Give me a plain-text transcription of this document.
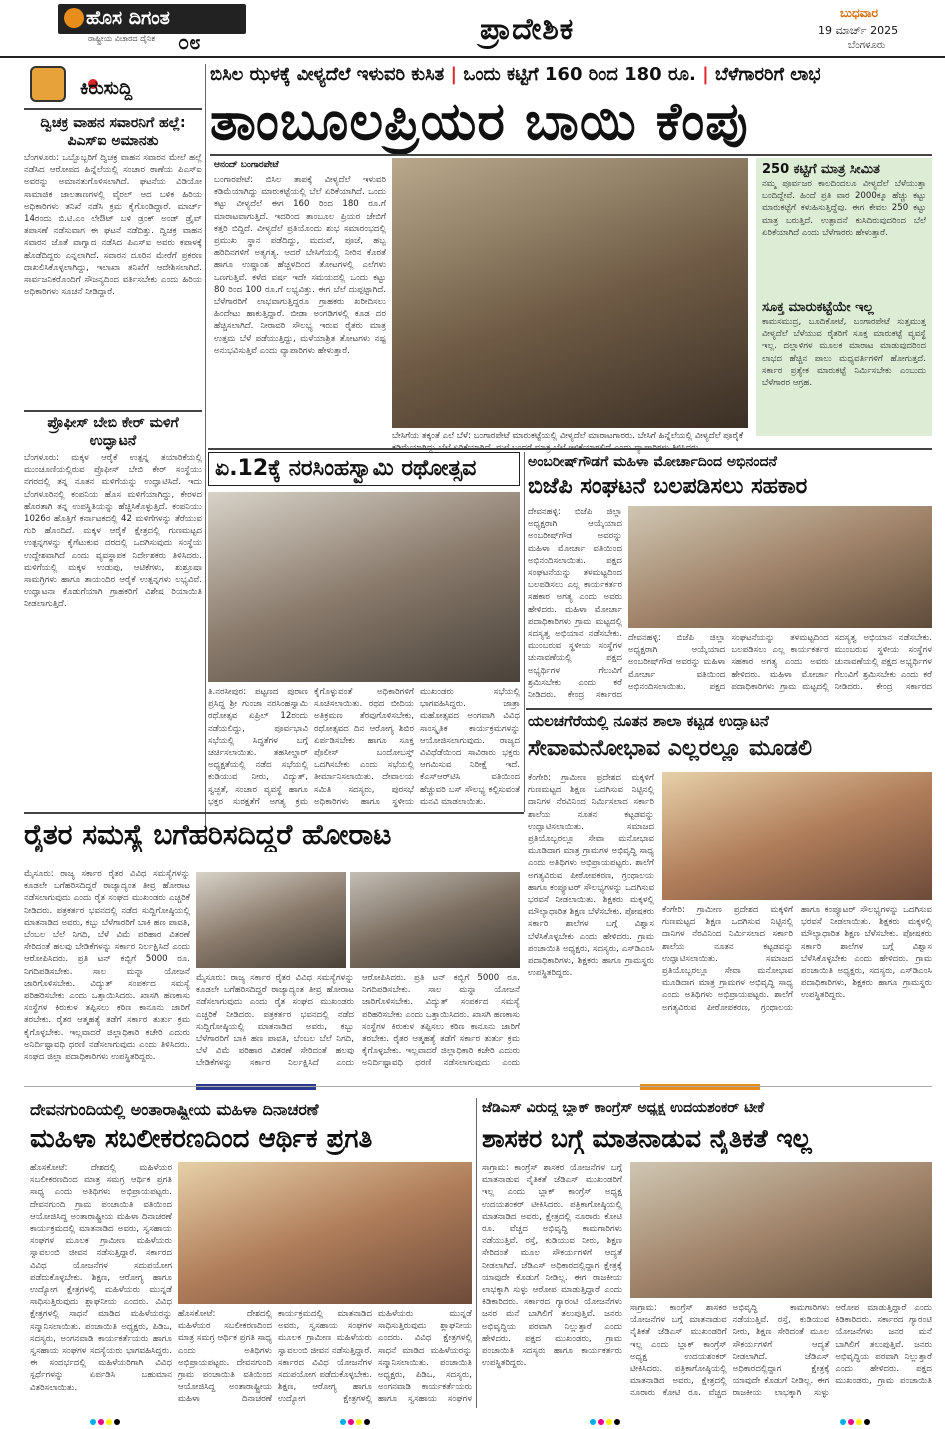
ಹೊಸ ದಿಗಂತ
ರಾಷ್ಟ್ರೀಯ ವಿಚಾರದ ದೈನಿಕ	೦೮	ಪ್ರಾದೇಶಿಕ	ಬುಧವಾರ
19 ಮಾರ್ಚ್ 2025
ಬೆಂಗಳೂರು
ಕಿರುಸುದ್ದಿ
ದ್ವಿಚಕ್ರ ವಾಹನ ಸವಾರನಿಗೆ ಹಲ್ಲೆ: ಪಿಎಸ್‌ಐ ಅಮಾನತು
ಬೆಂಗಳೂರು: ಒಬ್ಬೊಬ್ಬರಿಗೆ ದ್ವಿಚಕ್ರ ವಾಹನ ಸವಾರನ ಮೇಲೆ ಹಲ್ಲೆ ನಡೆಸಿದ ಆರೋಪದ ಹಿನ್ನೆಲೆಯಲ್ಲಿ ಸಂಚಾರ ಠಾಣೆಯ ಪಿಎಸ್‌ಐ ಅವರನ್ನು ಅಮಾನತುಗೊಳಿಸಲಾಗಿದೆ. ಘಟನೆಯ ವಿಡಿಯೋ ಸಾಮಾಜಿಕ ಜಾಲತಾಣಗಳಲ್ಲಿ ವೈರಲ್ ಆದ ಬಳಿಕ ಹಿರಿಯ ಅಧಿಕಾರಿಗಳು ತನಿಖೆ ನಡೆಸಿ ಕ್ರಮ ಕೈಗೊಂಡಿದ್ದಾರೆ. ಮಾರ್ಚ್ 14ರಂದು ಬಿ.ಟಿ.ಎಂ ಲೇಔಟ್ ಬಳಿ ಡ್ರಂಕ್ ಅಂಡ್ ಡ್ರೈವ್ ತಪಾಸಣೆ ನಡೆಸುವಾಗ ಈ ಘಟನೆ ನಡೆದಿತ್ತು. ದ್ವಿಚಕ್ರ ವಾಹನ ಸವಾರನ ಜೊತೆ ವಾಗ್ವಾದ ನಡೆಸಿದ ಪಿಎಸ್‌ಐ ಅವರು ಕಪಾಳಕ್ಕೆ ಹೊಡೆದಿದ್ದರು ಎನ್ನಲಾಗಿದೆ. ಸವಾರನ ದೂರಿನ ಮೇರೆಗೆ ಪ್ರಕರಣ ದಾಖಲಿಸಿಕೊಳ್ಳಲಾಗಿದ್ದು, ಇಲಾಖಾ ತನಿಖೆಗೆ ಆದೇಶಿಸಲಾಗಿದೆ. ಸಾರ್ವಜನಿಕರೊಂದಿಗೆ ಸೌಜನ್ಯದಿಂದ ವರ್ತಿಸಬೇಕು ಎಂದು ಹಿರಿಯ ಅಧಿಕಾರಿಗಳು ಸೂಚನೆ ನೀಡಿದ್ದಾರೆ.
ಪ್ರೊಫೀಸ್ ಬೇಬಿ ಕೇರ್ ಮಳಿಗೆ ಉದ್ಘಾಟನೆ
ಬೆಂಗಳೂರು: ಮಕ್ಕಳ ಆರೈಕೆ ಉತ್ಪನ್ನ ತಯಾರಿಕೆಯಲ್ಲಿ ಮುಂಚೂಣಿಯಲ್ಲಿರುವ ಪ್ರೊಫೀಸ್ ಬೇಬಿ ಕೇರ್ ಸಂಸ್ಥೆಯು ನಗರದಲ್ಲಿ ತನ್ನ ನೂತನ ಮಳಿಗೆಯನ್ನು ಉದ್ಘಾಟಿಸಿದೆ. ಇದು ಬೆಂಗಳೂರಿನಲ್ಲಿ ಕಂಪನಿಯ ಹೊಸ ಮಳಿಗೆಯಾಗಿದ್ದು, ಕೇರಳದ ಹೊರತಾಗಿ ತನ್ನ ಉಪಸ್ಥಿತಿಯನ್ನು ಹೆಚ್ಚಿಸಿಕೊಳ್ಳುತ್ತಿದೆ. ಕಂಪನಿಯು 1026ರ ಹೊತ್ತಿಗೆ ಕರ್ನಾಟಕದಲ್ಲಿ 42 ಮಳಿಗೆಗಳನ್ನು ತೆರೆಯುವ ಗುರಿ ಹೊಂದಿದೆ. ಮಕ್ಕಳ ಆರೈಕೆ ಕ್ಷೇತ್ರದಲ್ಲಿ ಗುಣಮಟ್ಟದ ಉತ್ಪನ್ನಗಳನ್ನು ಕೈಗೆಟುಕುವ ದರದಲ್ಲಿ ಒದಗಿಸುವುದು ಸಂಸ್ಥೆಯ ಉದ್ದೇಶವಾಗಿದೆ ಎಂದು ವ್ಯವಸ್ಥಾಪಕ ನಿರ್ದೇಶಕರು ತಿಳಿಸಿದರು. ಮಳಿಗೆಯಲ್ಲಿ ಮಕ್ಕಳ ಉಡುಪು, ಆಟಿಕೆಗಳು, ಶುಶ್ರೂಷಾ ಸಾಮಗ್ರಿಗಳು ಹಾಗೂ ತಾಯಂದಿರ ಆರೈಕೆ ಉತ್ಪನ್ನಗಳು ಲಭ್ಯವಿವೆ. ಉದ್ಘಾಟನಾ ಕೊಡುಗೆಯಾಗಿ ಗ್ರಾಹಕರಿಗೆ ವಿಶೇಷ ರಿಯಾಯಿತಿ ನೀಡಲಾಗುತ್ತಿದೆ.
ಬಿಸಿಲ ಝಳಕ್ಕೆ ವೀಳ್ಯದೆಲೆ ಇಳುವರಿ ಕುಸಿತ | ಒಂದು ಕಟ್ಟಿಗೆ 160 ರಿಂದ 180 ರೂ. | ಬೆಳೆಗಾರರಿಗೆ ಲಾಭ
ತಾಂಬೂಲಪ್ರಿಯರ ಬಾಯಿ ಕೆಂಪು
ಆನಂದ್ ಬಂಗಾರಪೇಟೆ
ಬಂಗಾರಪೇಟೆ: ಬಿಸಿಲ ತಾಪಕ್ಕೆ ವೀಳ್ಯದೆಲೆ ಇಳುವರಿ ಕಡಿಮೆಯಾಗಿದ್ದು ಮಾರುಕಟ್ಟೆಯಲ್ಲಿ ಬೆಲೆ ಏರಿಕೆಯಾಗಿದೆ. ಒಂದು ಕಟ್ಟು ವೀಳ್ಯದೆಲೆ ಈಗ 160 ರಿಂದ 180 ರೂ.ಗೆ ಮಾರಾಟವಾಗುತ್ತಿದೆ. ಇದರಿಂದ ತಾಂಬೂಲ ಪ್ರಿಯರ ಜೇಬಿಗೆ ಕತ್ತರಿ ಬಿದ್ದಿದೆ. ವೀಳ್ಯದೆಲೆ ಪ್ರತಿಯೊಂದು ಶುಭ ಸಮಾರಂಭದಲ್ಲಿ ಪ್ರಮುಖ ಸ್ಥಾನ ಪಡೆದಿದ್ದು, ಮದುವೆ, ಪೂಜೆ, ಹಬ್ಬ ಹರಿದಿನಗಳಿಗೆ ಅತ್ಯಗತ್ಯ. ಆದರೆ ಬೇಸಿಗೆಯಲ್ಲಿ ನೀರಿನ ಕೊರತೆ ಹಾಗೂ ಉಷ್ಣಾಂಶ ಹೆಚ್ಚಳದಿಂದ ತೋಟಗಳಲ್ಲಿ ಎಲೆಗಳು ಒಣಗುತ್ತಿವೆ. ಕಳೆದ ವರ್ಷ ಇದೇ ಸಮಯದಲ್ಲಿ ಒಂದು ಕಟ್ಟು 80 ರಿಂದ 100 ರೂ.ಗೆ ಲಭ್ಯವಿತ್ತು. ಈಗ ಬೆಲೆ ದುಪ್ಪಟ್ಟಾಗಿದೆ. ಬೆಳೆಗಾರರಿಗೆ ಲಾಭವಾಗುತ್ತಿದ್ದರೂ ಗ್ರಾಹಕರು ಖರೀದಿಸಲು ಹಿಂದೇಟು ಹಾಕುತ್ತಿದ್ದಾರೆ. ಬೀಡಾ ಅಂಗಡಿಗಳಲ್ಲಿ ಕೂಡ ದರ ಹೆಚ್ಚಿಸಲಾಗಿದೆ. ನೀರಾವರಿ ಸೌಲಭ್ಯ ಇರುವ ರೈತರು ಮಾತ್ರ ಉತ್ತಮ ಬೆಳೆ ಪಡೆಯುತ್ತಿದ್ದು, ಮಳೆಯಾಶ್ರಿತ ತೋಟಗಳು ನಷ್ಟ ಅನುಭವಿಸುತ್ತಿವೆ ಎಂದು ವ್ಯಾಪಾರಿಗಳು ಹೇಳುತ್ತಾರೆ.
ಬೇಸಿಗೆಯ ತಕ್ಕಂತೆ ಎಲೆ ಬೆಳೆ: ಬಂಗಾರಪೇಟೆ ಮಾರುಕಟ್ಟೆಯಲ್ಲಿ ವೀಳ್ಯದೆಲೆ ಮಾರಾಟಗಾರರು. ಬೇಸಿಗೆ ಹಿನ್ನೆಲೆಯಲ್ಲಿ ವೀಳ್ಯದೆಲೆ ಪೂರೈಕೆ
250 ಕಟ್ಟಿಗೆ ಮಾತ್ರ ಸೀಮಿತ

ನಮ್ಮ ಪೂರ್ವಜರ ಕಾಲದಿಂದಲೂ ವೀಳ್ಯದೆಲೆ ಬೆಳೆಯುತ್ತಾ ಬಂದಿದ್ದೇವೆ. ಹಿಂದೆ ಪ್ರತಿ ವಾರ 2000ಕ್ಕೂ ಹೆಚ್ಚು ಕಟ್ಟು ಮಾರುಕಟ್ಟೆಗೆ ಕಳುಹಿಸುತ್ತಿದ್ದೆವು. ಈಗ ಕೇವಲ 250 ಕಟ್ಟು ಮಾತ್ರ ಬರುತ್ತಿದೆ. ಉತ್ಪಾದನೆ ಕುಸಿದಿರುವುದರಿಂದ ಬೆಲೆ ಏರಿಕೆಯಾಗಿದೆ ಎಂದು ಬೆಳೆಗಾರರು ಹೇಳುತ್ತಾರೆ.

ಸೂಕ್ತ ಮಾರುಕಟ್ಟೆಯೇ ಇಲ್ಲ

ಕಾಮಸಮುದ್ರ, ಬೂದಿಕೋಟೆ, ಬಂಗಾರಪೇಟೆ ಸುತ್ತಮುತ್ತ ವೀಳ್ಯದೆಲೆ ಬೆಳೆಯುವ ರೈತರಿಗೆ ಸೂಕ್ತ ಮಾರುಕಟ್ಟೆ ವ್ಯವಸ್ಥೆ ಇಲ್ಲ. ದಲ್ಲಾಳಿಗಳ ಮೂಲಕ ಮಾರಾಟ ಮಾಡುವುದರಿಂದ ಲಾಭದ ಹೆಚ್ಚಿನ ಪಾಲು ಮಧ್ಯವರ್ತಿಗಳಿಗೆ ಹೋಗುತ್ತದೆ. ಸರ್ಕಾರ ಪ್ರತ್ಯೇಕ ಮಾರುಕಟ್ಟೆ ನಿರ್ಮಿಸಬೇಕು ಎಂಬುದು ಬೆಳೆಗಾರರ ಆಗ್ರಹ.

ಏ.12ಕ್ಕೆ ನರಸಿಂಹಸ್ವಾಮಿ ರಥೋತ್ಸವ
ತಿ.ನರಸೀಪುರ: ಪಟ್ಟಣದ ಪುರಾಣ ಪ್ರಸಿದ್ಧ ಶ್ರೀ ಗುಂಜಾ ನರಸಿಂಹಸ್ವಾಮಿ ರಥೋತ್ಸವ ಏಪ್ರಿಲ್ 12ರಂದು ನಡೆಯಲಿದ್ದು, ಪೂರ್ವಭಾವಿ ಸಭೆಯಲ್ಲಿ ಸಿದ್ಧತೆಗಳ ಬಗ್ಗೆ ಚರ್ಚಿಸಲಾಯಿತು. ತಹಸೀಲ್ದಾರ್ ಅಧ್ಯಕ್ಷತೆಯಲ್ಲಿ ನಡೆದ ಸಭೆಯಲ್ಲಿ ಕುಡಿಯುವ ನೀರು, ವಿದ್ಯುತ್, ಸ್ವಚ್ಛತೆ, ಸಂಚಾರ ವ್ಯವಸ್ಥೆ ಹಾಗೂ ಭಕ್ತರ ಸುರಕ್ಷತೆಗೆ ಅಗತ್ಯ ಕ್ರಮ ಕೈಗೊಳ್ಳುವಂತೆ ಅಧಿಕಾರಿಗಳಿಗೆ ಸೂಚಿಸಲಾಯಿತು. ರಥದ ಬೀದಿಯ ಅತಿಕ್ರಮಣ ತೆರವುಗೊಳಿಸಬೇಕು, ರಥೋತ್ಸವದ ದಿನ ಆರೋಗ್ಯ ಶಿಬಿರ ಏರ್ಪಡಿಸಬೇಕು ಹಾಗೂ ಸೂಕ್ತ ಪೊಲೀಸ್ ಬಂದೋಬಸ್ತ್ ಒದಗಿಸಬೇಕು ಎಂದು ಸಭೆಯಲ್ಲಿ ತೀರ್ಮಾನಿಸಲಾಯಿತು. ದೇವಾಲಯ ಸಮಿತಿ ಸದಸ್ಯರು, ಪುರಸಭೆ ಅಧಿಕಾರಿಗಳು ಹಾಗೂ ಸ್ಥಳೀಯ ಮುಖಂಡರು ಸಭೆಯಲ್ಲಿ ಭಾಗವಹಿಸಿದ್ದರು. ಜಾತ್ರಾ ಮಹೋತ್ಸವದ ಅಂಗವಾಗಿ ವಿವಿಧ ಸಾಂಸ್ಕೃತಿಕ ಕಾರ್ಯಕ್ರಮಗಳನ್ನು ಆಯೋಜಿಸಲಾಗುವುದು. ರಾಜ್ಯದ ವಿವಿಧೆಡೆಯಿಂದ ಸಾವಿರಾರು ಭಕ್ತರು ಆಗಮಿಸುವ ನಿರೀಕ್ಷೆ ಇದೆ. ಕೆಎಸ್‌ಆರ್‌ಟಿಸಿ ವತಿಯಿಂದ ಹೆಚ್ಚುವರಿ ಬಸ್ ಸೌಲಭ್ಯ ಕಲ್ಪಿಸುವಂತೆ ಮನವಿ ಮಾಡಲಾಯಿತು.
ಅಂಬರೀಷ್‌ಗೌಡಗೆ ಮಹಿಳಾ ಮೋರ್ಚಾದಿಂದ ಅಭಿನಂದನೆ
ಬಿಜೆಪಿ ಸಂಘಟನೆ ಬಲಪಡಿಸಲು ಸಹಕಾರ
ದೇವನಹಳ್ಳಿ: ಬಿಜೆಪಿ ಜಿಲ್ಲಾ ಅಧ್ಯಕ್ಷರಾಗಿ ಆಯ್ಕೆಯಾದ ಅಂಬರೀಷ್‌ಗೌಡ ಅವರನ್ನು ಮಹಿಳಾ ಮೋರ್ಚಾ ವತಿಯಿಂದ ಅಭಿನಂದಿಸಲಾಯಿತು. ಪಕ್ಷದ ಸಂಘಟನೆಯನ್ನು ತಳಮಟ್ಟದಿಂದ ಬಲಪಡಿಸಲು ಎಲ್ಲ ಕಾರ್ಯಕರ್ತರ ಸಹಕಾರ ಅಗತ್ಯ ಎಂದು ಅವರು ಹೇಳಿದರು. ಮಹಿಳಾ ಮೋರ್ಚಾ ಪದಾಧಿಕಾರಿಗಳು ಗ್ರಾಮ ಮಟ್ಟದಲ್ಲಿ ಸದಸ್ಯತ್ವ ಅಭಿಯಾನ ನಡೆಸಬೇಕು. ಮುಂಬರುವ ಸ್ಥಳೀಯ ಸಂಸ್ಥೆಗಳ ಚುನಾವಣೆಯಲ್ಲಿ ಪಕ್ಷದ ಅಭ್ಯರ್ಥಿಗಳ ಗೆಲುವಿಗೆ ಶ್ರಮಿಸಬೇಕು ಎಂದು ಕರೆ ನೀಡಿದರು. ಕೇಂದ್ರ ಸರ್ಕಾರದ
ದೇವನಹಳ್ಳಿ: ಬಿಜೆಪಿ ಜಿಲ್ಲಾ ಅಧ್ಯಕ್ಷರಾಗಿ ಆಯ್ಕೆಯಾದ ಅಂಬರೀಷ್‌ಗೌಡ ಅವರನ್ನು ಮಹಿಳಾ ಮೋರ್ಚಾ ವತಿಯಿಂದ ಅಭಿನಂದಿಸಲಾಯಿತು. ಪಕ್ಷದ ಸಂಘಟನೆಯನ್ನು ತಳಮಟ್ಟದಿಂದ ಬಲಪಡಿಸಲು ಎಲ್ಲ ಕಾರ್ಯಕರ್ತರ ಸಹಕಾರ ಅಗತ್ಯ ಎಂದು ಅವರು ಹೇಳಿದರು. ಮಹಿಳಾ ಮೋರ್ಚಾ ಪದಾಧಿಕಾರಿಗಳು ಗ್ರಾಮ ಮಟ್ಟದಲ್ಲಿ ಸದಸ್ಯತ್ವ ಅಭಿಯಾನ ನಡೆಸಬೇಕು. ಮುಂಬರುವ ಸ್ಥಳೀಯ ಸಂಸ್ಥೆಗಳ ಚುನಾವಣೆಯಲ್ಲಿ ಪಕ್ಷದ ಅಭ್ಯರ್ಥಿಗಳ ಗೆಲುವಿಗೆ ಶ್ರಮಿಸಬೇಕು ಎಂದು ಕರೆ ನೀಡಿದರು. ಕೇಂದ್ರ ಸರ್ಕಾರದ
ಯಲಚಗೆರೆಯಲ್ಲಿ ನೂತನ ಶಾಲಾ ಕಟ್ಟಡ ಉದ್ಘಾಟನೆ
ಸೇವಾಮನೋಭಾವ ಎಲ್ಲರಲ್ಲೂ ಮೂಡಲಿ
ಕೆಂಗೇರಿ: ಗ್ರಾಮೀಣ ಪ್ರದೇಶದ ಮಕ್ಕಳಿಗೆ ಗುಣಮಟ್ಟದ ಶಿಕ್ಷಣ ಒದಗಿಸುವ ನಿಟ್ಟಿನಲ್ಲಿ ದಾನಿಗಳ ನೆರವಿನಿಂದ ನಿರ್ಮಿಸಲಾದ ಸರ್ಕಾರಿ ಶಾಲೆಯ ನೂತನ ಕಟ್ಟಡವನ್ನು ಉದ್ಘಾಟಿಸಲಾಯಿತು. ಸಮಾಜದ ಪ್ರತಿಯೊಬ್ಬರಲ್ಲೂ ಸೇವಾ ಮನೋಭಾವ ಮೂಡಿದಾಗ ಮಾತ್ರ ಗ್ರಾಮಗಳ ಅಭಿವೃದ್ಧಿ ಸಾಧ್ಯ ಎಂದು ಅತಿಥಿಗಳು ಅಭಿಪ್ರಾಯಪಟ್ಟರು. ಶಾಲೆಗೆ ಅಗತ್ಯವಿರುವ ಪೀಠೋಪಕರಣ, ಗ್ರಂಥಾಲಯ ಹಾಗೂ ಕಂಪ್ಯೂಟರ್ ಸೌಲಭ್ಯಗಳನ್ನು ಒದಗಿಸುವ ಭರವಸೆ ನೀಡಲಾಯಿತು. ಶಿಕ್ಷಕರು ಮಕ್ಕಳಲ್ಲಿ ಮೌಲ್ಯಾಧಾರಿತ ಶಿಕ್ಷಣ ಬೆಳೆಸಬೇಕು. ಪೋಷಕರು ಸರ್ಕಾರಿ ಶಾಲೆಗಳ ಬಗ್ಗೆ ವಿಶ್ವಾಸ ಬೆಳೆಸಿಕೊಳ್ಳಬೇಕು ಎಂದು ಹೇಳಿದರು. ಗ್ರಾಮ ಪಂಚಾಯಿತಿ ಅಧ್ಯಕ್ಷರು, ಸದಸ್ಯರು, ಎಸ್‌ಡಿಎಂಸಿ ಪದಾಧಿಕಾರಿಗಳು, ಶಿಕ್ಷಕರು ಹಾಗೂ ಗ್ರಾಮಸ್ಥರು ಉಪಸ್ಥಿತರಿದ್ದರು.
ಕೆಂಗೇರಿ: ಗ್ರಾಮೀಣ ಪ್ರದೇಶದ ಮಕ್ಕಳಿಗೆ ಗುಣಮಟ್ಟದ ಶಿಕ್ಷಣ ಒದಗಿಸುವ ನಿಟ್ಟಿನಲ್ಲಿ ದಾನಿಗಳ ನೆರವಿನಿಂದ ನಿರ್ಮಿಸಲಾದ ಸರ್ಕಾರಿ ಶಾಲೆಯ ನೂತನ ಕಟ್ಟಡವನ್ನು ಉದ್ಘಾಟಿಸಲಾಯಿತು. ಸಮಾಜದ ಪ್ರತಿಯೊಬ್ಬರಲ್ಲೂ ಸೇವಾ ಮನೋಭಾವ ಮೂಡಿದಾಗ ಮಾತ್ರ ಗ್ರಾಮಗಳ ಅಭಿವೃದ್ಧಿ ಸಾಧ್ಯ ಎಂದು ಅತಿಥಿಗಳು ಅಭಿಪ್ರಾಯಪಟ್ಟರು. ಶಾಲೆಗೆ ಅಗತ್ಯವಿರುವ ಪೀಠೋಪಕರಣ, ಗ್ರಂಥಾಲಯ ಹಾಗೂ ಕಂಪ್ಯೂಟರ್ ಸೌಲಭ್ಯಗಳನ್ನು ಒದಗಿಸುವ ಭರವಸೆ ನೀಡಲಾಯಿತು. ಶಿಕ್ಷಕರು ಮಕ್ಕಳಲ್ಲಿ ಮೌಲ್ಯಾಧಾರಿತ ಶಿಕ್ಷಣ ಬೆಳೆಸಬೇಕು. ಪೋಷಕರು ಸರ್ಕಾರಿ ಶಾಲೆಗಳ ಬಗ್ಗೆ ವಿಶ್ವಾಸ ಬೆಳೆಸಿಕೊಳ್ಳಬೇಕು ಎಂದು ಹೇಳಿದರು. ಗ್ರಾಮ ಪಂಚಾಯಿತಿ ಅಧ್ಯಕ್ಷರು, ಸದಸ್ಯರು, ಎಸ್‌ಡಿಎಂಸಿ ಪದಾಧಿಕಾರಿಗಳು, ಶಿಕ್ಷಕರು ಹಾಗೂ ಗ್ರಾಮಸ್ಥರು ಉಪಸ್ಥಿತರಿದ್ದರು.
ರೈತರ ಸಮಸ್ಯೆ ಬಗೆಹರಿಸದಿದ್ದರೆ ಹೋರಾಟ
ಮೈಸೂರು: ರಾಜ್ಯ ಸರ್ಕಾರ ರೈತರ ವಿವಿಧ ಸಮಸ್ಯೆಗಳನ್ನು ಕೂಡಲೇ ಬಗೆಹರಿಸದಿದ್ದರೆ ರಾಜ್ಯಾದ್ಯಂತ ತೀವ್ರ ಹೋರಾಟ ನಡೆಸಲಾಗುವುದು ಎಂದು ರೈತ ಸಂಘದ ಮುಖಂಡರು ಎಚ್ಚರಿಕೆ ನೀಡಿದರು. ಪತ್ರಕರ್ತರ ಭವನದಲ್ಲಿ ನಡೆದ ಸುದ್ದಿಗೋಷ್ಠಿಯಲ್ಲಿ ಮಾತನಾಡಿದ ಅವರು, ಕಬ್ಬು ಬೆಳೆಗಾರರಿಗೆ ಬಾಕಿ ಹಣ ಪಾವತಿ, ಬೆಂಬಲ ಬೆಲೆ ನಿಗದಿ, ಬೆಳೆ ವಿಮೆ ಪರಿಹಾರ ವಿತರಣೆ ಸೇರಿದಂತೆ ಹಲವು ಬೇಡಿಕೆಗಳನ್ನು ಸರ್ಕಾರ ನಿರ್ಲಕ್ಷಿಸಿದೆ ಎಂದು ಆರೋಪಿಸಿದರು. ಪ್ರತಿ ಟನ್ ಕಬ್ಬಿಗೆ 5000 ರೂ. ನಿಗದಿಪಡಿಸಬೇಕು. ಸಾಲ ಮನ್ನಾ ಯೋಜನೆ ಜಾರಿಗೊಳಿಸಬೇಕು. ವಿದ್ಯುತ್ ಸಂಪರ್ಕದ ಸಮಸ್ಯೆ ಪರಿಹರಿಸಬೇಕು ಎಂದು ಒತ್ತಾಯಿಸಿದರು. ಖಾಸಗಿ ಹಣಕಾಸು ಸಂಸ್ಥೆಗಳ ಕಿರುಕುಳ ತಪ್ಪಿಸಲು ಕಠಿಣ ಕಾನೂನು ಜಾರಿಗೆ ತರಬೇಕು. ರೈತರ ಆತ್ಮಹತ್ಯೆ ತಡೆಗೆ ಸರ್ಕಾರ ತುರ್ತು ಕ್ರಮ ಕೈಗೊಳ್ಳಬೇಕು. ಇಲ್ಲವಾದರೆ ಜಿಲ್ಲಾಧಿಕಾರಿ ಕಚೇರಿ ಎದುರು ಅನಿರ್ದಿಷ್ಟಾವಧಿ ಧರಣಿ ನಡೆಸಲಾಗುವುದು ಎಂದು ತಿಳಿಸಿದರು. ಸಂಘದ ಜಿಲ್ಲಾ ಪದಾಧಿಕಾರಿಗಳು ಉಪಸ್ಥಿತರಿದ್ದರು.
ಮೈಸೂರು: ರಾಜ್ಯ ಸರ್ಕಾರ ರೈತರ ವಿವಿಧ ಸಮಸ್ಯೆಗಳನ್ನು ಕೂಡಲೇ ಬಗೆಹರಿಸದಿದ್ದರೆ ರಾಜ್ಯಾದ್ಯಂತ ತೀವ್ರ ಹೋರಾಟ ನಡೆಸಲಾಗುವುದು ಎಂದು ರೈತ ಸಂಘದ ಮುಖಂಡರು ಎಚ್ಚರಿಕೆ ನೀಡಿದರು. ಪತ್ರಕರ್ತರ ಭವನದಲ್ಲಿ ನಡೆದ ಸುದ್ದಿಗೋಷ್ಠಿಯಲ್ಲಿ ಮಾತನಾಡಿದ ಅವರು, ಕಬ್ಬು ಬೆಳೆಗಾರರಿಗೆ ಬಾಕಿ ಹಣ ಪಾವತಿ, ಬೆಂಬಲ ಬೆಲೆ ನಿಗದಿ, ಬೆಳೆ ವಿಮೆ ಪರಿಹಾರ ವಿತರಣೆ ಸೇರಿದಂತೆ ಹಲವು ಬೇಡಿಕೆಗಳನ್ನು ಸರ್ಕಾರ ನಿರ್ಲಕ್ಷಿಸಿದೆ ಎಂದು ಆರೋಪಿಸಿದರು. ಪ್ರತಿ ಟನ್ ಕಬ್ಬಿಗೆ 5000 ರೂ. ನಿಗದಿಪಡಿಸಬೇಕು. ಸಾಲ ಮನ್ನಾ ಯೋಜನೆ ಜಾರಿಗೊಳಿಸಬೇಕು. ವಿದ್ಯುತ್ ಸಂಪರ್ಕದ ಸಮಸ್ಯೆ ಪರಿಹರಿಸಬೇಕು ಎಂದು ಒತ್ತಾಯಿಸಿದರು. ಖಾಸಗಿ ಹಣಕಾಸು ಸಂಸ್ಥೆಗಳ ಕಿರುಕುಳ ತಪ್ಪಿಸಲು ಕಠಿಣ ಕಾನೂನು ಜಾರಿಗೆ ತರಬೇಕು. ರೈತರ ಆತ್ಮಹತ್ಯೆ ತಡೆಗೆ ಸರ್ಕಾರ ತುರ್ತು ಕ್ರಮ ಕೈಗೊಳ್ಳಬೇಕು. ಇಲ್ಲವಾದರೆ ಜಿಲ್ಲಾಧಿಕಾರಿ ಕಚೇರಿ ಎದುರು ಅನಿರ್ದಿಷ್ಟಾವಧಿ ಧರಣಿ ನಡೆಸಲಾಗುವುದು ಎಂದು
ದೇವನಗುಂದಿಯಲ್ಲಿ ಅಂತಾರಾಷ್ಟ್ರೀಯ ಮಹಿಳಾ ದಿನಾಚರಣೆ
ಮಹಿಳಾ ಸಬಲೀಕರಣದಿಂದ ಆರ್ಥಿಕ ಪ್ರಗತಿ
ಹೊಸಕೋಟೆ: ದೇಶದಲ್ಲಿ ಮಹಿಳೆಯರ ಸಬಲೀಕರಣದಿಂದ ಮಾತ್ರ ಸಮಗ್ರ ಆರ್ಥಿಕ ಪ್ರಗತಿ ಸಾಧ್ಯ ಎಂದು ಅತಿಥಿಗಳು ಅಭಿಪ್ರಾಯಪಟ್ಟರು. ದೇವನಗುಂದಿ ಗ್ರಾಮ ಪಂಚಾಯಿತಿ ವತಿಯಿಂದ ಆಯೋಜಿಸಿದ್ದ ಅಂತಾರಾಷ್ಟ್ರೀಯ ಮಹಿಳಾ ದಿನಾಚರಣೆ ಕಾರ್ಯಕ್ರಮದಲ್ಲಿ ಮಾತನಾಡಿದ ಅವರು, ಸ್ವಸಹಾಯ ಸಂಘಗಳ ಮೂಲಕ ಗ್ರಾಮೀಣ ಮಹಿಳೆಯರು ಸ್ವಾವಲಂಬಿ ಜೀವನ ನಡೆಸುತ್ತಿದ್ದಾರೆ. ಸರ್ಕಾರದ ವಿವಿಧ ಯೋಜನೆಗಳ ಸದುಪಯೋಗ ಪಡೆದುಕೊಳ್ಳಬೇಕು. ಶಿಕ್ಷಣ, ಆರೋಗ್ಯ ಹಾಗೂ ಉದ್ಯೋಗ ಕ್ಷೇತ್ರಗಳಲ್ಲಿ ಮಹಿಳೆಯರು ಮುನ್ನಡೆ ಸಾಧಿಸುತ್ತಿರುವುದು ಶ್ಲಾಘನೀಯ ಎಂದರು. ವಿವಿಧ ಕ್ಷೇತ್ರಗಳಲ್ಲಿ ಸಾಧನೆ ಮಾಡಿದ ಮಹಿಳೆಯರನ್ನು ಸನ್ಮಾನಿಸಲಾಯಿತು. ಪಂಚಾಯಿತಿ ಅಧ್ಯಕ್ಷರು, ಪಿಡಿಒ, ಸದಸ್ಯರು, ಅಂಗನವಾಡಿ ಕಾರ್ಯಕರ್ತೆಯರು ಹಾಗೂ ಸ್ವಸಹಾಯ ಸಂಘಗಳ ಸದಸ್ಯೆಯರು ಭಾಗವಹಿಸಿದ್ದರು. ಈ ಸಂದರ್ಭದಲ್ಲಿ ಮಹಿಳೆಯರಿಗಾಗಿ ವಿವಿಧ ಸ್ಪರ್ಧೆಗಳನ್ನು ಏರ್ಪಡಿಸಿ ಬಹುಮಾನ ವಿತರಿಸಲಾಯಿತು.
ಹೊಸಕೋಟೆ: ದೇಶದಲ್ಲಿ ಮಹಿಳೆಯರ ಸಬಲೀಕರಣದಿಂದ ಮಾತ್ರ ಸಮಗ್ರ ಆರ್ಥಿಕ ಪ್ರಗತಿ ಸಾಧ್ಯ ಎಂದು ಅತಿಥಿಗಳು ಅಭಿಪ್ರಾಯಪಟ್ಟರು. ದೇವನಗುಂದಿ ಗ್ರಾಮ ಪಂಚಾಯಿತಿ ವತಿಯಿಂದ ಆಯೋಜಿಸಿದ್ದ ಅಂತಾರಾಷ್ಟ್ರೀಯ ಮಹಿಳಾ ದಿನಾಚರಣೆ ಕಾರ್ಯಕ್ರಮದಲ್ಲಿ ಮಾತನಾಡಿದ ಅವರು, ಸ್ವಸಹಾಯ ಸಂಘಗಳ ಮೂಲಕ ಗ್ರಾಮೀಣ ಮಹಿಳೆಯರು ಸ್ವಾವಲಂಬಿ ಜೀವನ ನಡೆಸುತ್ತಿದ್ದಾರೆ. ಸರ್ಕಾರದ ವಿವಿಧ ಯೋಜನೆಗಳ ಸದುಪಯೋಗ ಪಡೆದುಕೊಳ್ಳಬೇಕು. ಶಿಕ್ಷಣ, ಆರೋಗ್ಯ ಹಾಗೂ ಉದ್ಯೋಗ ಕ್ಷೇತ್ರಗಳಲ್ಲಿ ಮಹಿಳೆಯರು ಮುನ್ನಡೆ ಸಾಧಿಸುತ್ತಿರುವುದು ಶ್ಲಾಘನೀಯ ಎಂದರು. ವಿವಿಧ ಕ್ಷೇತ್ರಗಳಲ್ಲಿ ಸಾಧನೆ ಮಾಡಿದ ಮಹಿಳೆಯರನ್ನು ಸನ್ಮಾನಿಸಲಾಯಿತು. ಪಂಚಾಯಿತಿ ಅಧ್ಯಕ್ಷರು, ಪಿಡಿಒ, ಸದಸ್ಯರು, ಅಂಗನವಾಡಿ ಕಾರ್ಯಕರ್ತೆಯರು ಹಾಗೂ ಸ್ವಸಹಾಯ ಸಂಘಗಳ
ಜೆಡಿಎಸ್ ವಿರುದ್ಧ ಬ್ಲಾಕ್ ಕಾಂಗ್ರೆಸ್ ಅಧ್ಯಕ್ಷ ಉದಯಶಂಕರ್ ಟೀಕೆ
ಶಾಸಕರ ಬಗ್ಗೆ ಮಾತನಾಡುವ ನೈತಿಕತೆ ಇಲ್ಲ
ಸಾಗ್ರಾಮ: ಕಾಂಗ್ರೆಸ್ ಶಾಸಕರ ಯೋಜನೆಗಳ ಬಗ್ಗೆ ಮಾತನಾಡುವ ನೈತಿಕತೆ ಜೆಡಿಎಸ್ ಮುಖಂಡರಿಗೆ ಇಲ್ಲ ಎಂದು ಬ್ಲಾಕ್ ಕಾಂಗ್ರೆಸ್ ಅಧ್ಯಕ್ಷ ಉದಯಶಂಕರ್ ಟೀಕಿಸಿದರು. ಪತ್ರಿಕಾಗೋಷ್ಠಿಯಲ್ಲಿ ಮಾತನಾಡಿದ ಅವರು, ಕ್ಷೇತ್ರದಲ್ಲಿ ನೂರಾರು ಕೋಟಿ ರೂ. ವೆಚ್ಚದ ಅಭಿವೃದ್ಧಿ ಕಾಮಗಾರಿಗಳು ನಡೆಯುತ್ತಿವೆ. ರಸ್ತೆ, ಕುಡಿಯುವ ನೀರು, ಶಿಕ್ಷಣ ಸೇರಿದಂತೆ ಮೂಲ ಸೌಕರ್ಯಗಳಿಗೆ ಆದ್ಯತೆ ನೀಡಲಾಗಿದೆ. ಜೆಡಿಎಸ್ ಅಧಿಕಾರದಲ್ಲಿದ್ದಾಗ ಕ್ಷೇತ್ರಕ್ಕೆ ಯಾವುದೇ ಕೊಡುಗೆ ನೀಡಿಲ್ಲ. ಈಗ ರಾಜಕೀಯ ಲಾಭಕ್ಕಾಗಿ ಸುಳ್ಳು ಆರೋಪ ಮಾಡುತ್ತಿದ್ದಾರೆ ಎಂದು ಕಿಡಿಕಾರಿದರು. ಸರ್ಕಾರದ ಗ್ಯಾರಂಟಿ ಯೋಜನೆಗಳು ಜನರ ಮನೆ ಬಾಗಿಲಿಗೆ ತಲುಪುತ್ತಿವೆ. ಜನರು ಅಭಿವೃದ್ಧಿಯ ಪರವಾಗಿ ನಿಲ್ಲುತ್ತಾರೆ ಎಂದು ಹೇಳಿದರು. ಪಕ್ಷದ ಮುಖಂಡರು, ಗ್ರಾಮ ಪಂಚಾಯಿತಿ ಸದಸ್ಯರು ಹಾಗೂ ಕಾರ್ಯಕರ್ತರು ಉಪಸ್ಥಿತರಿದ್ದರು.
ಸಾಗ್ರಾಮ: ಕಾಂಗ್ರೆಸ್ ಶಾಸಕರ ಯೋಜನೆಗಳ ಬಗ್ಗೆ ಮಾತನಾಡುವ ನೈತಿಕತೆ ಜೆಡಿಎಸ್ ಮುಖಂಡರಿಗೆ ಇಲ್ಲ ಎಂದು ಬ್ಲಾಕ್ ಕಾಂಗ್ರೆಸ್ ಅಧ್ಯಕ್ಷ ಉದಯಶಂಕರ್ ಟೀಕಿಸಿದರು. ಪತ್ರಿಕಾಗೋಷ್ಠಿಯಲ್ಲಿ ಮಾತನಾಡಿದ ಅವರು, ಕ್ಷೇತ್ರದಲ್ಲಿ ನೂರಾರು ಕೋಟಿ ರೂ. ವೆಚ್ಚದ ಅಭಿವೃದ್ಧಿ ಕಾಮಗಾರಿಗಳು ನಡೆಯುತ್ತಿವೆ. ರಸ್ತೆ, ಕುಡಿಯುವ ನೀರು, ಶಿಕ್ಷಣ ಸೇರಿದಂತೆ ಮೂಲ ಸೌಕರ್ಯಗಳಿಗೆ ಆದ್ಯತೆ ನೀಡಲಾಗಿದೆ. ಜೆಡಿಎಸ್ ಅಧಿಕಾರದಲ್ಲಿದ್ದಾಗ ಕ್ಷೇತ್ರಕ್ಕೆ ಯಾವುದೇ ಕೊಡುಗೆ ನೀಡಿಲ್ಲ. ಈಗ ರಾಜಕೀಯ ಲಾಭಕ್ಕಾಗಿ ಸುಳ್ಳು ಆರೋಪ ಮಾಡುತ್ತಿದ್ದಾರೆ ಎಂದು ಕಿಡಿಕಾರಿದರು. ಸರ್ಕಾರದ ಗ್ಯಾರಂಟಿ ಯೋಜನೆಗಳು ಜನರ ಮನೆ ಬಾಗಿಲಿಗೆ ತಲುಪುತ್ತಿವೆ. ಜನರು ಅಭಿವೃದ್ಧಿಯ ಪರವಾಗಿ ನಿಲ್ಲುತ್ತಾರೆ ಎಂದು ಹೇಳಿದರು. ಪಕ್ಷದ ಮುಖಂಡರು, ಗ್ರಾಮ ಪಂಚಾಯಿತಿ
